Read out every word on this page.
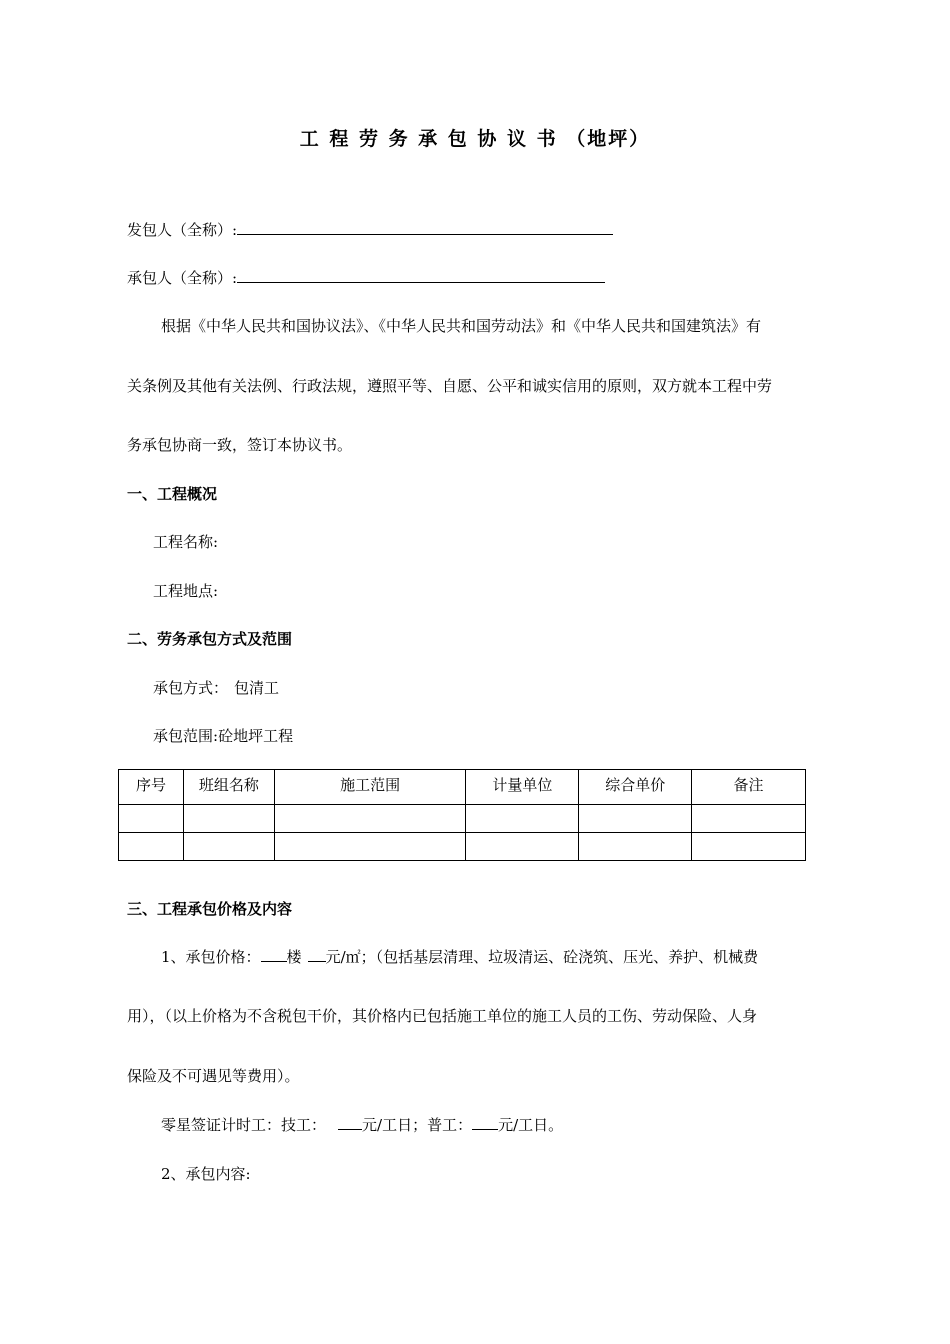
工 程 劳 务 承 包 协 议 书 （地坪）
发包人（全称）:
承包人（全称）:
根据《中华人民共和国协议法》、《中华人民共和国劳动法》和《中华人民共和国建筑法》有
关条例及其他有关法例、行政法规，遵照平等、自愿、公平和诚实信用的原则，双方就本工程中劳
务承包协商一致，签订本协议书。
一、工程概况
工程名称:
工程地点:
二、劳务承包方式及范围
承包方式： 包清工
承包范围:砼地坪工程
序号	班组名称	施工范围	计量单位	综合单价	备注

三、工程承包价格及内容
1、承包价格： 楼 元/㎡；（包括基层清理、垃圾清运、砼浇筑、压光、养护、机械费
用），（以上价格为不含税包干价，其价格内已包括施工单位的施工人员的工伤、劳动保险、人身
保险及不可遇见等费用）。
零星签证计时工：技工： 元/工日；普工： 元/工日。
2、承包内容:
